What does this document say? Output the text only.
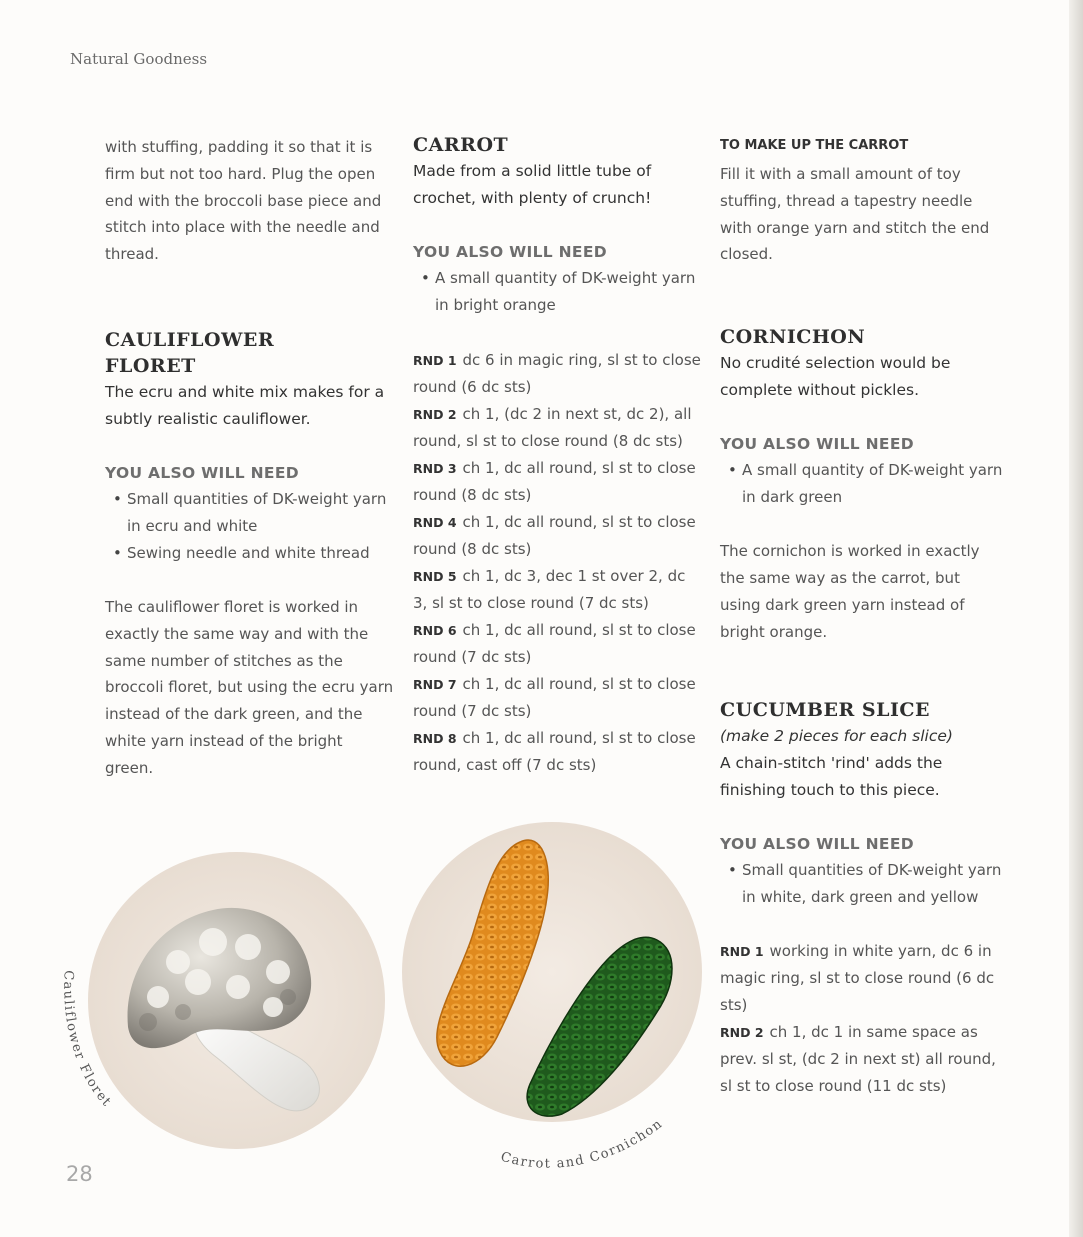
Natural Goodness

with stuffing, padding it so that it is firm but not too hard. Plug the open end with the broccoli base piece and stitch into place with the needle and thread.

CAULIFLOWER
FLORET

The ecru and white mix makes for a subtly realistic cauliflower.

YOU ALSO WILL NEED
• Small quantities of DK-weight yarn in ecru and white
• Sewing needle and white thread

The cauliflower floret is worked in exactly the same way and with the same number of stitches as the broccoli floret, but using the ecru yarn instead of the dark green, and the white yarn instead of the bright green.

CARROT

Made from a solid little tube of crochet, with plenty of crunch!

YOU ALSO WILL NEED
• A small quantity of DK-weight yarn in bright orange

RND 1 dc 6 in magic ring, sl st to close round (6 dc sts)

RND 2 ch 1, (dc 2 in next st, dc 2), all round, sl st to close round (8 dc sts)

RND 3 ch 1, dc all round, sl st to close round (8 dc sts)

RND 4 ch 1, dc all round, sl st to close round (8 dc sts)

RND 5 ch 1, dc 3, dec 1 st over 2, dc 3, sl st to close round (7 dc sts)

RND 6 ch 1, dc all round, sl st to close round (7 dc sts)

RND 7 ch 1, dc all round, sl st to close round (7 dc sts)

RND 8 ch 1, dc all round, sl st to close round, cast off (7 dc sts)

TO MAKE UP THE CARROT

Fill it with a small amount of toy stuffing, thread a tapestry needle with orange yarn and stitch the end closed.

CORNICHON

No crudité selection would be complete without pickles.

YOU ALSO WILL NEED
• A small quantity of DK-weight yarn in dark green

The cornichon is worked in exactly the same way as the carrot, but using dark green yarn instead of bright orange.

CUCUMBER SLICE

(make 2 pieces for each slice)

A chain-stitch 'rind' adds the finishing touch to this piece.

YOU ALSO WILL NEED
• Small quantities of DK-weight yarn in white, dark green and yellow

RND 1 working in white yarn, dc 6 in magic ring, sl st to close round (6 dc sts)

RND 2 ch 1, dc 1 in same space as prev. sl st, (dc 2 in next st) all round, sl st to close round (11 dc sts)

Cauliflower Floret
Carrot and Cornichon
28
